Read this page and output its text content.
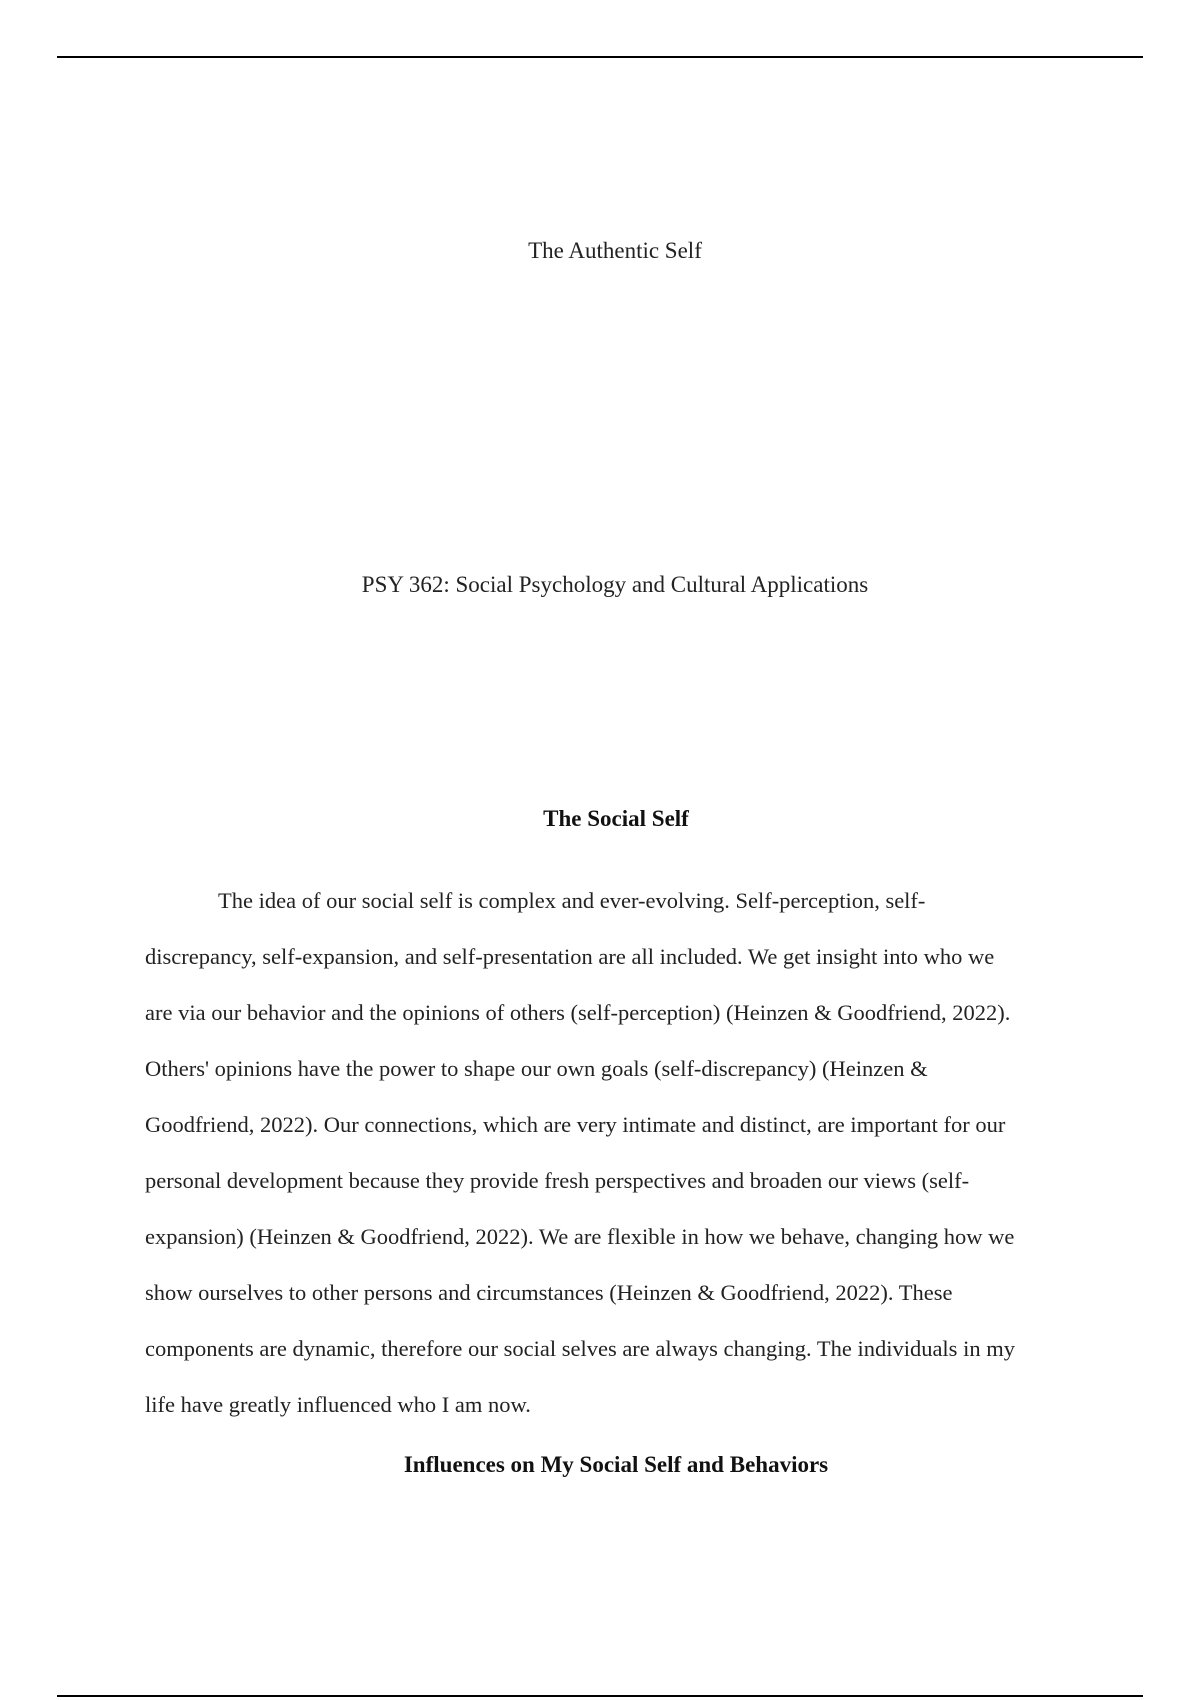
The Authentic Self
PSY 362: Social Psychology and Cultural Applications
The Social Self
The idea of our social self is complex and ever-evolving. Self-perception, self-
discrepancy, self-expansion, and self-presentation are all included. We get insight into who we
are via our behavior and the opinions of others (self-perception) (Heinzen & Goodfriend, 2022).
Others' opinions have the power to shape our own goals (self-discrepancy) (Heinzen &
Goodfriend, 2022). Our connections, which are very intimate and distinct, are important for our
personal development because they provide fresh perspectives and broaden our views (self-
expansion) (Heinzen & Goodfriend, 2022). We are flexible in how we behave, changing how we
show ourselves to other persons and circumstances (Heinzen & Goodfriend, 2022). These
components are dynamic, therefore our social selves are always changing. The individuals in my
life have greatly influenced who I am now.
Influences on My Social Self and Behaviors
